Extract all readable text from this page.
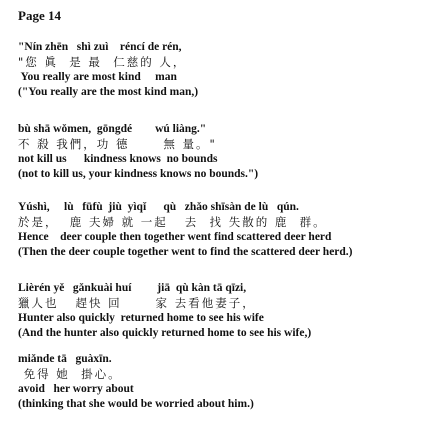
Page 14
"Nín zhēn   shì zuì    réncí de rén,
"您 眞  是 最  仁慈的 人，
You really are most kind     man
("You really are the most kind man,)
bù shā wǒmen,  gōngdé        wú liàng."
不 殺 我們，功 德      無 量。"
not kill us      kindness knows  no bounds
(not to kill us, your kindness knows no bounds.")
Yúshì,     lù   fūfù  jiù  yìqǐ      qù   zhǎo shīsàn de lù   qún.
於是，  鹿 夫婦 就 一起   去  找 失散的 鹿  群。
Hence    deer couple then together went find scattered deer herd
(Then the deer couple together went to find the scattered deer herd.)
Lièrén yě   gǎnkuài huí         jiā  qù kàn tā qīzi,
獵人也   趕快 回      家 去看他妻子，
Hunter also quickly  returned home to see his wife
(And the hunter also quickly returned home to see his wife,)
miǎnde tā   guàxīn.
免得 她  掛心。
avoid   her worry about
(thinking that she would be worried about him.)
